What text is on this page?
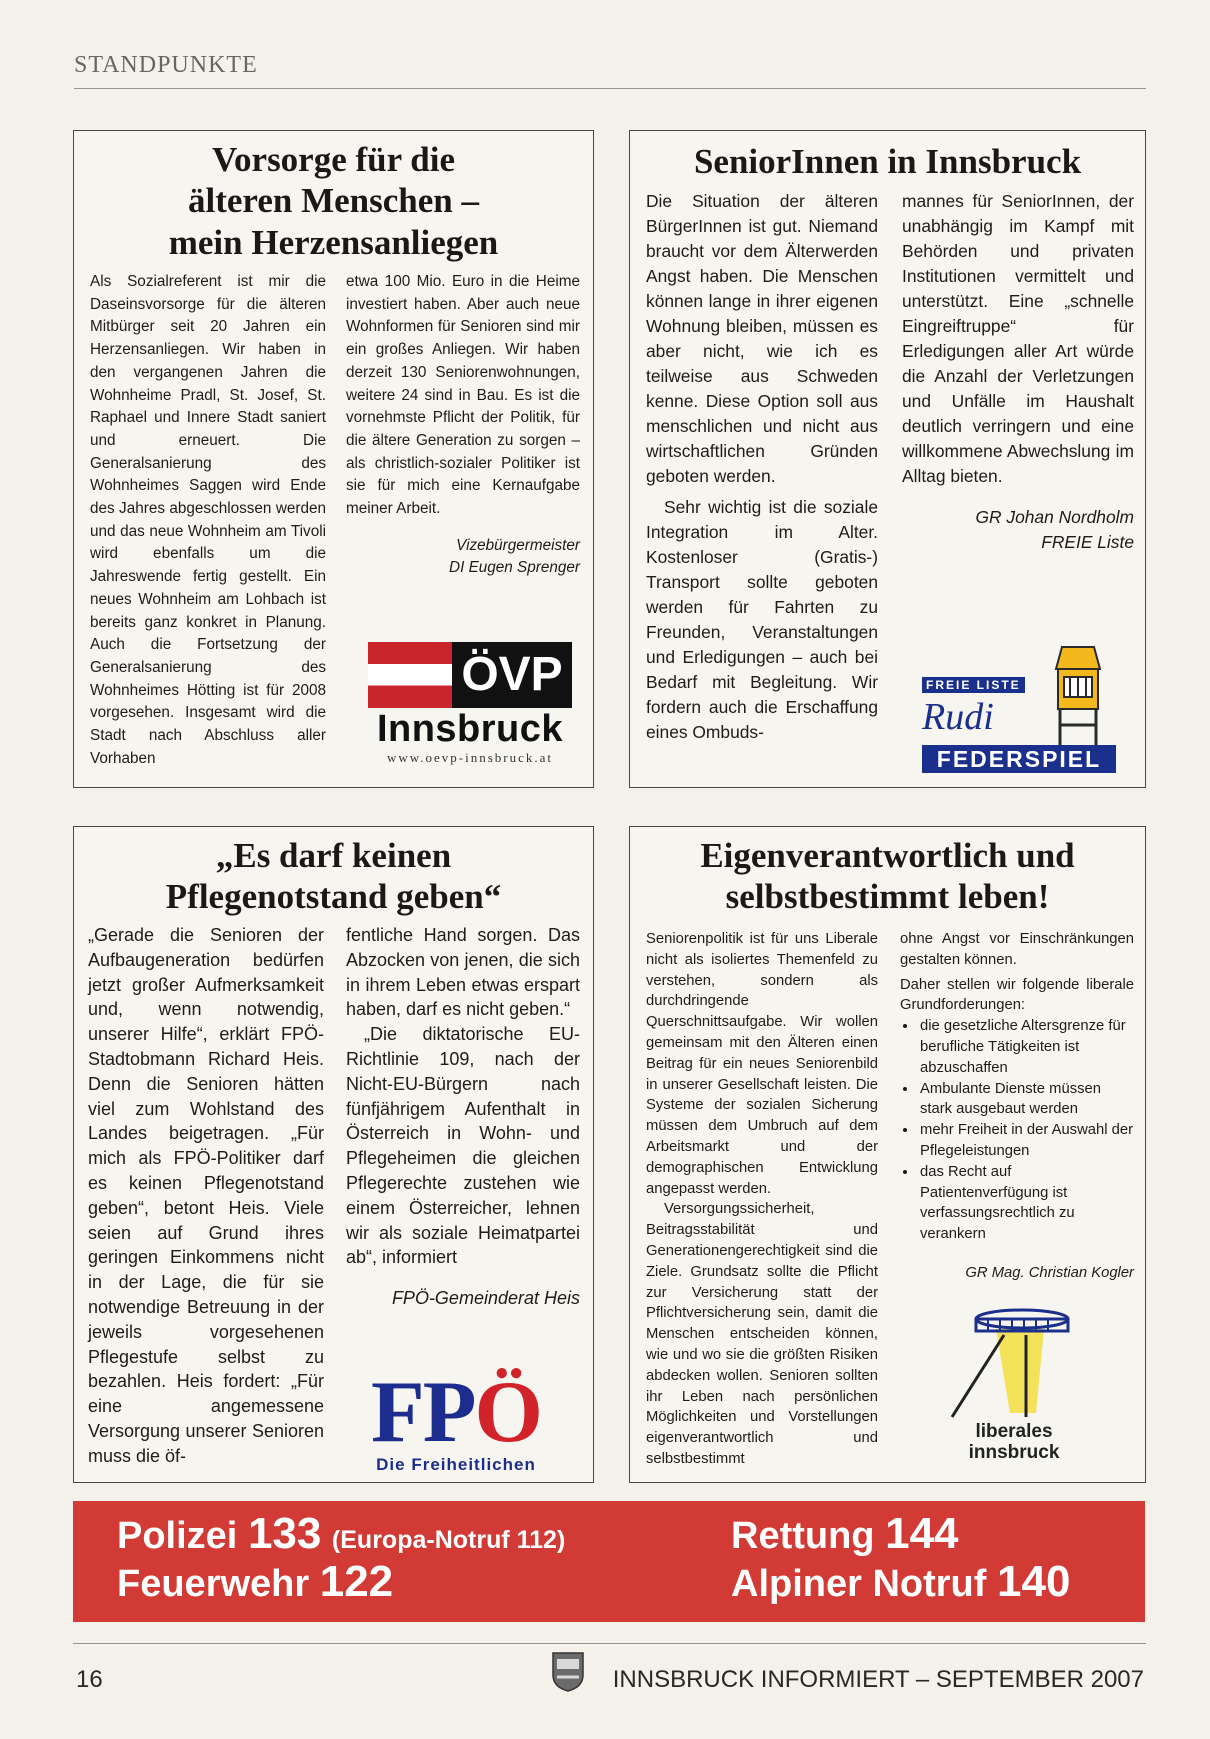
STANDPUNKTE
Vorsorge für die
älteren Menschen –
mein Herzensanliegen

Als Sozialreferent ist mir die Daseinsvorsorge für die älteren Mitbürger seit 20 Jahren ein Herzensanliegen. Wir haben in den vergangenen Jahren die Wohnheime Pradl, St. Josef, St. Raphael und Innere Stadt saniert und erneuert. Die Generalsanierung des Wohnheimes Saggen wird Ende des Jahres abgeschlossen werden und das neue Wohnheim am Tivoli wird ebenfalls um die Jahreswende fertig gestellt. Ein neues Wohnheim am Lohbach ist bereits ganz konkret in Planung. Auch die Fortsetzung der Generalsanierung des Wohnheimes Hötting ist für 2008 vorgesehen. Insgesamt wird die Stadt nach Abschluss aller Vorhaben

etwa 100 Mio. Euro in die Heime investiert haben. Aber auch neue Wohnformen für Senioren sind mir ein großes Anliegen. Wir haben derzeit 130 Seniorenwohnungen, weitere 24 sind in Bau. Es ist die vornehmste Pflicht der Politik, für die ältere Generation zu sorgen – als christlich-sozialer Politiker ist sie für mich eine Kernaufgabe meiner Arbeit.

Vizebürgermeister
DI Eugen Sprenger

ÖVP
Innsbruck
www.oevp-innsbruck.at
SeniorInnen in Innsbruck

Die Situation der älteren BürgerInnen ist gut. Niemand braucht vor dem Älterwerden Angst haben. Die Menschen können lange in ihrer eigenen Wohnung bleiben, müssen es aber nicht, wie ich es teilweise aus Schweden kenne. Diese Option soll aus menschlichen und nicht aus wirtschaftlichen Gründen geboten werden.

Sehr wichtig ist die soziale Integration im Alter. Kostenloser (Gratis-) Transport sollte geboten werden für Fahrten zu Freunden, Veranstaltungen und Erledigungen – auch bei Bedarf mit Begleitung. Wir fordern auch die Erschaffung eines Ombuds-

mannes für SeniorInnen, der unabhängig im Kampf mit Behörden und privaten Institutionen vermittelt und unterstützt. Eine „schnelle Eingreiftruppe“ für Erledigungen aller Art würde die Anzahl der Verletzungen und Unfälle im Haushalt deutlich verringern und eine willkommene Abwechslung im Alltag bieten.

GR Johan Nordholm
FREIE Liste

FREIE LISTE
Rudi
FEDERSPIEL
„Es darf keinen
Pflegenotstand geben“

„Gerade die Senioren der Aufbaugeneration bedürfen jetzt großer Aufmerksamkeit und, wenn notwendig, unserer Hilfe“, erklärt FPÖ-Stadtobmann Richard Heis. Denn die Senioren hätten viel zum Wohlstand des Landes beigetragen. „Für mich als FPÖ-Politiker darf es keinen Pflegenotstand geben“, betont Heis. Viele seien auf Grund ihres geringen Einkommens nicht in der Lage, die für sie notwendige Betreuung in der jeweils vorgesehenen Pflegestufe selbst zu bezahlen. Heis fordert: „Für eine angemessene Versorgung unserer Senioren muss die öf-

fentliche Hand sorgen. Das Abzocken von jenen, die sich in ihrem Leben etwas erspart haben, darf es nicht geben.“

„Die diktatorische EU-Richtlinie 109, nach der Nicht-EU-Bürgern nach fünfjährigem Aufenthalt in Österreich in Wohn- und Pflegeheimen die gleichen Pflegerechte zustehen wie einem Österreicher, lehnen wir als soziale Heimatpartei ab“, informiert

FPÖ-Gemeinderat Heis

FPÖ
Die Freiheitlichen
Eigenverantwortlich und
selbstbestimmt leben!

Seniorenpolitik ist für uns Liberale nicht als isoliertes Themenfeld zu verstehen, sondern als durchdringende Querschnittsaufgabe. Wir wollen gemeinsam mit den Älteren einen Beitrag für ein neues Seniorenbild in unserer Gesellschaft leisten. Die Systeme der sozialen Sicherung müssen dem Umbruch auf dem Arbeitsmarkt und der demographischen Entwicklung angepasst werden.

Versorgungssicherheit, Beitragsstabilität und Generationengerechtigkeit sind die Ziele. Grundsatz sollte die Pflicht zur Versicherung statt der Pflichtversicherung sein, damit die Menschen entscheiden können, wie und wo sie die größten Risiken abdecken wollen. Senioren sollten ihr Leben nach persönlichen Möglichkeiten und Vorstellungen eigenverantwortlich und selbstbestimmt

ohne Angst vor Einschränkungen gestalten können.

Daher stellen wir folgende liberale Grundforderungen:

• die gesetzliche Altersgrenze für berufliche Tätigkeiten ist abzuschaffen
• Ambulante Dienste müssen stark ausgebaut werden
• mehr Freiheit in der Auswahl der Pflegeleistungen
• das Recht auf Patientenverfügung ist verfassungsrechtlich zu verankern

GR Mag. Christian Kogler

liberales
innsbruck
Polizei 133 (Europa-Notruf 112)
Feuerwehr 122
Rettung 144
Alpiner Notruf 140
16	INNSBRUCK INFORMIERT – SEPTEMBER 2007
